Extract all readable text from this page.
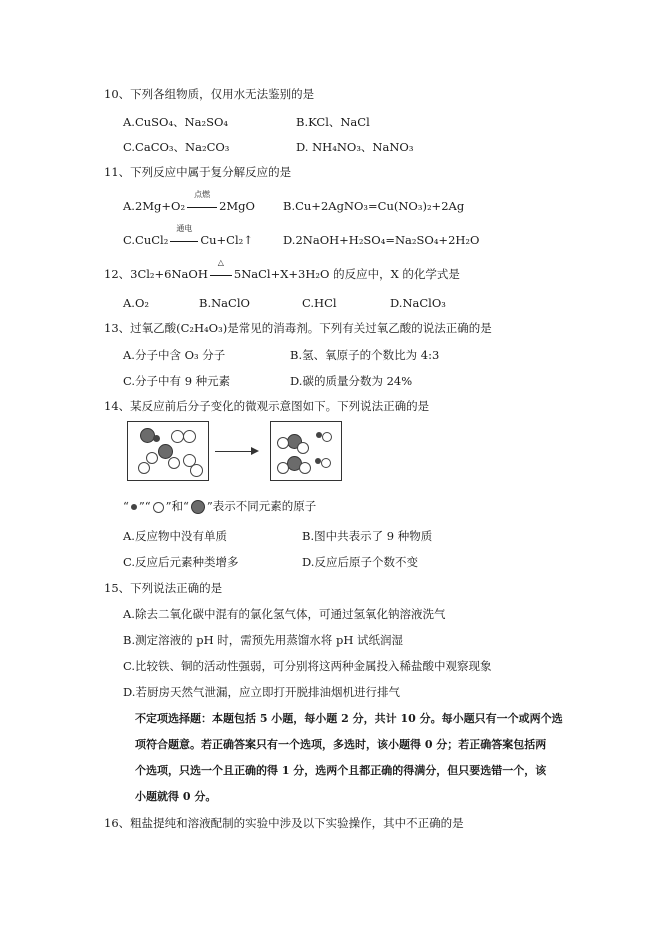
10、下列各组物质，仅用水无法鉴别的是
A.CuSO₄、Na₂SO₄	B.KCl、NaCl
C.CaCO₃、Na₂CO₃	D. NH₄NO₃、NaNO₃
11、下列反应中属于复分解反应的是
A.2Mg+O₂
点燃
2MgO B.Cu+2AgNO₃=Cu(NO₃)₂+2Ag
C.CuCl₂
通电
Cu+Cl₂↑	D.2NaOH+H₂SO₄=Na₂SO₄+2H₂O
12、3Cl₂+6NaOH
△
5NaCl+X+3H₂O 的反应中，X 的化学式是
A.O₂	B.NaClO	C.HCl	D.NaClO₃
13、过氧乙酸(C₂H₄O₃)是常见的消毒剂。下列有关过氧乙酸的说法正确的是
A.分子中含 O₃ 分子	B.氢、氧原子的个数比为 4:3
C.分子中有 9 种元素	D.碳的质量分数为 24%
14、某反应前后分子变化的微观示意图如下。下列说法正确的是
“ ”“ ”和“ ”表示不同元素的原子
A.反应物中没有单质	B.图中共表示了 9 种物质
C.反应后元素种类增多	D.反应后原子个数不变
15、下列说法正确的是
A.除去二氧化碳中混有的氯化氢气体，可通过氢氧化钠溶液洗气
B.测定溶液的 pH 时，需预先用蒸馏水将 pH 试纸润湿
C.比较铁、铜的活动性强弱，可分别将这两种金属投入稀盐酸中观察现象
D.若厨房天然气泄漏，应立即打开脱排油烟机进行排气
不定项选择题：本题包括 5 小题，每小题 2 分，共计 10 分。每小题只有一个或两个选
项符合题意。若正确答案只有一个选项，多选时，该小题得 0 分；若正确答案包括两
个选项，只选一个且正确的得 1 分，选两个且都正确的得满分，但只要选错一个，该
小题就得 0 分。
16、粗盐提纯和溶液配制的实验中涉及以下实验操作，其中不正确的是
